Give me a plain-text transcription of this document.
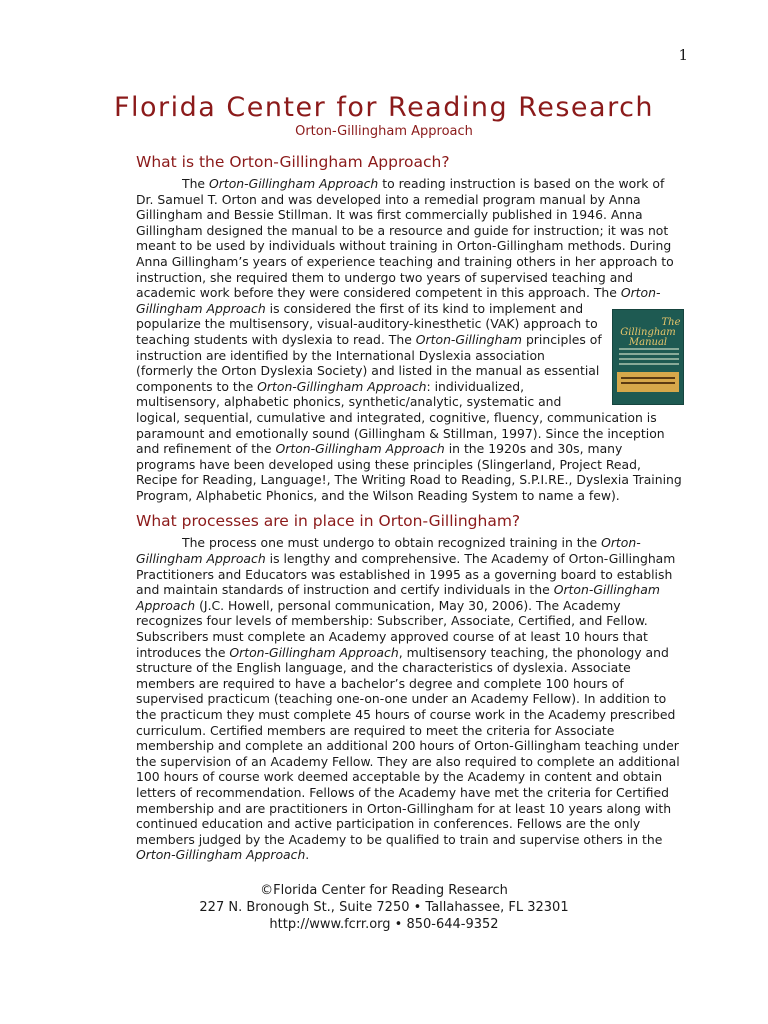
1
Florida Center for Reading Research
Orton-Gillingham Approach
What is the Orton-Gillingham Approach?

The Orton-Gillingham Approach to reading instruction is based on the work of Dr. Samuel T. Orton and was developed into a remedial program manual by Anna Gillingham and Bessie Stillman. It was first commercially published in 1946. Anna Gillingham designed the manual to be a resource and guide for instruction; it was not meant to be used by individuals without training in Orton-Gillingham methods. During Anna Gillingham’s years of experience teaching and training others in her approach to instruction, she required them to undergo two years of supervised teaching and academic work before they were considered competent in this approach. The
The Gillingham Manual
Orton-Gillingham Approach is considered the first of its kind to implement and popularize the multisensory, visual-auditory-kinesthetic (VAK) approach to teaching students with dyslexia to read. The Orton-Gillingham principles of instruction are identified by the International Dyslexia association (formerly the Orton Dyslexia Society) and listed in the manual as essential components to the Orton-Gillingham Approach: individualized, multisensory, alphabetic phonics, synthetic/analytic, systematic and logical, sequential, cumulative and integrated, cognitive, fluency, communication is paramount and emotionally sound (Gillingham & Stillman, 1997). Since the inception and refinement of the Orton-Gillingham Approach in the 1920s and 30s, many programs have been developed using these principles (Slingerland, Project Read, Recipe for Reading, Language!, The Writing Road to Reading, S.P.I.RE., Dyslexia Training Program, Alphabetic Phonics, and the Wilson Reading System to name a few).

What processes are in place in Orton-Gillingham?

The process one must undergo to obtain recognized training in the Orton-Gillingham Approach is lengthy and comprehensive. The Academy of Orton-Gillingham Practitioners and Educators was established in 1995 as a governing board to establish and maintain standards of instruction and certify individuals in the Orton-Gillingham Approach (J.C. Howell, personal communication, May 30, 2006). The Academy recognizes four levels of membership: Subscriber, Associate, Certified, and Fellow. Subscribers must complete an Academy approved course of at least 10 hours that introduces the Orton-Gillingham Approach, multisensory teaching, the phonology and structure of the English language, and the characteristics of dyslexia. Associate members are required to have a bachelor’s degree and complete 100 hours of supervised practicum (teaching one-on-one under an Academy Fellow). In addition to the practicum they must complete 45 hours of course work in the Academy prescribed curriculum. Certified members are required to meet the criteria for Associate membership and complete an additional 200 hours of Orton-Gillingham teaching under the supervision of an Academy Fellow. They are also required to complete an additional 100 hours of course work deemed acceptable by the Academy in content and obtain letters of recommendation. Fellows of the Academy have met the criteria for Certified membership and are practitioners in Orton-Gillingham for at least 10 years along with continued education and active participation in conferences. Fellows are the only members judged by the Academy to be qualified to train and supervise others in the Orton-Gillingham Approach.

©Florida Center for Reading Research
227 N. Bronough St., Suite 7250 • Tallahassee, FL 32301
http://www.fcrr.org • 850-644-9352
